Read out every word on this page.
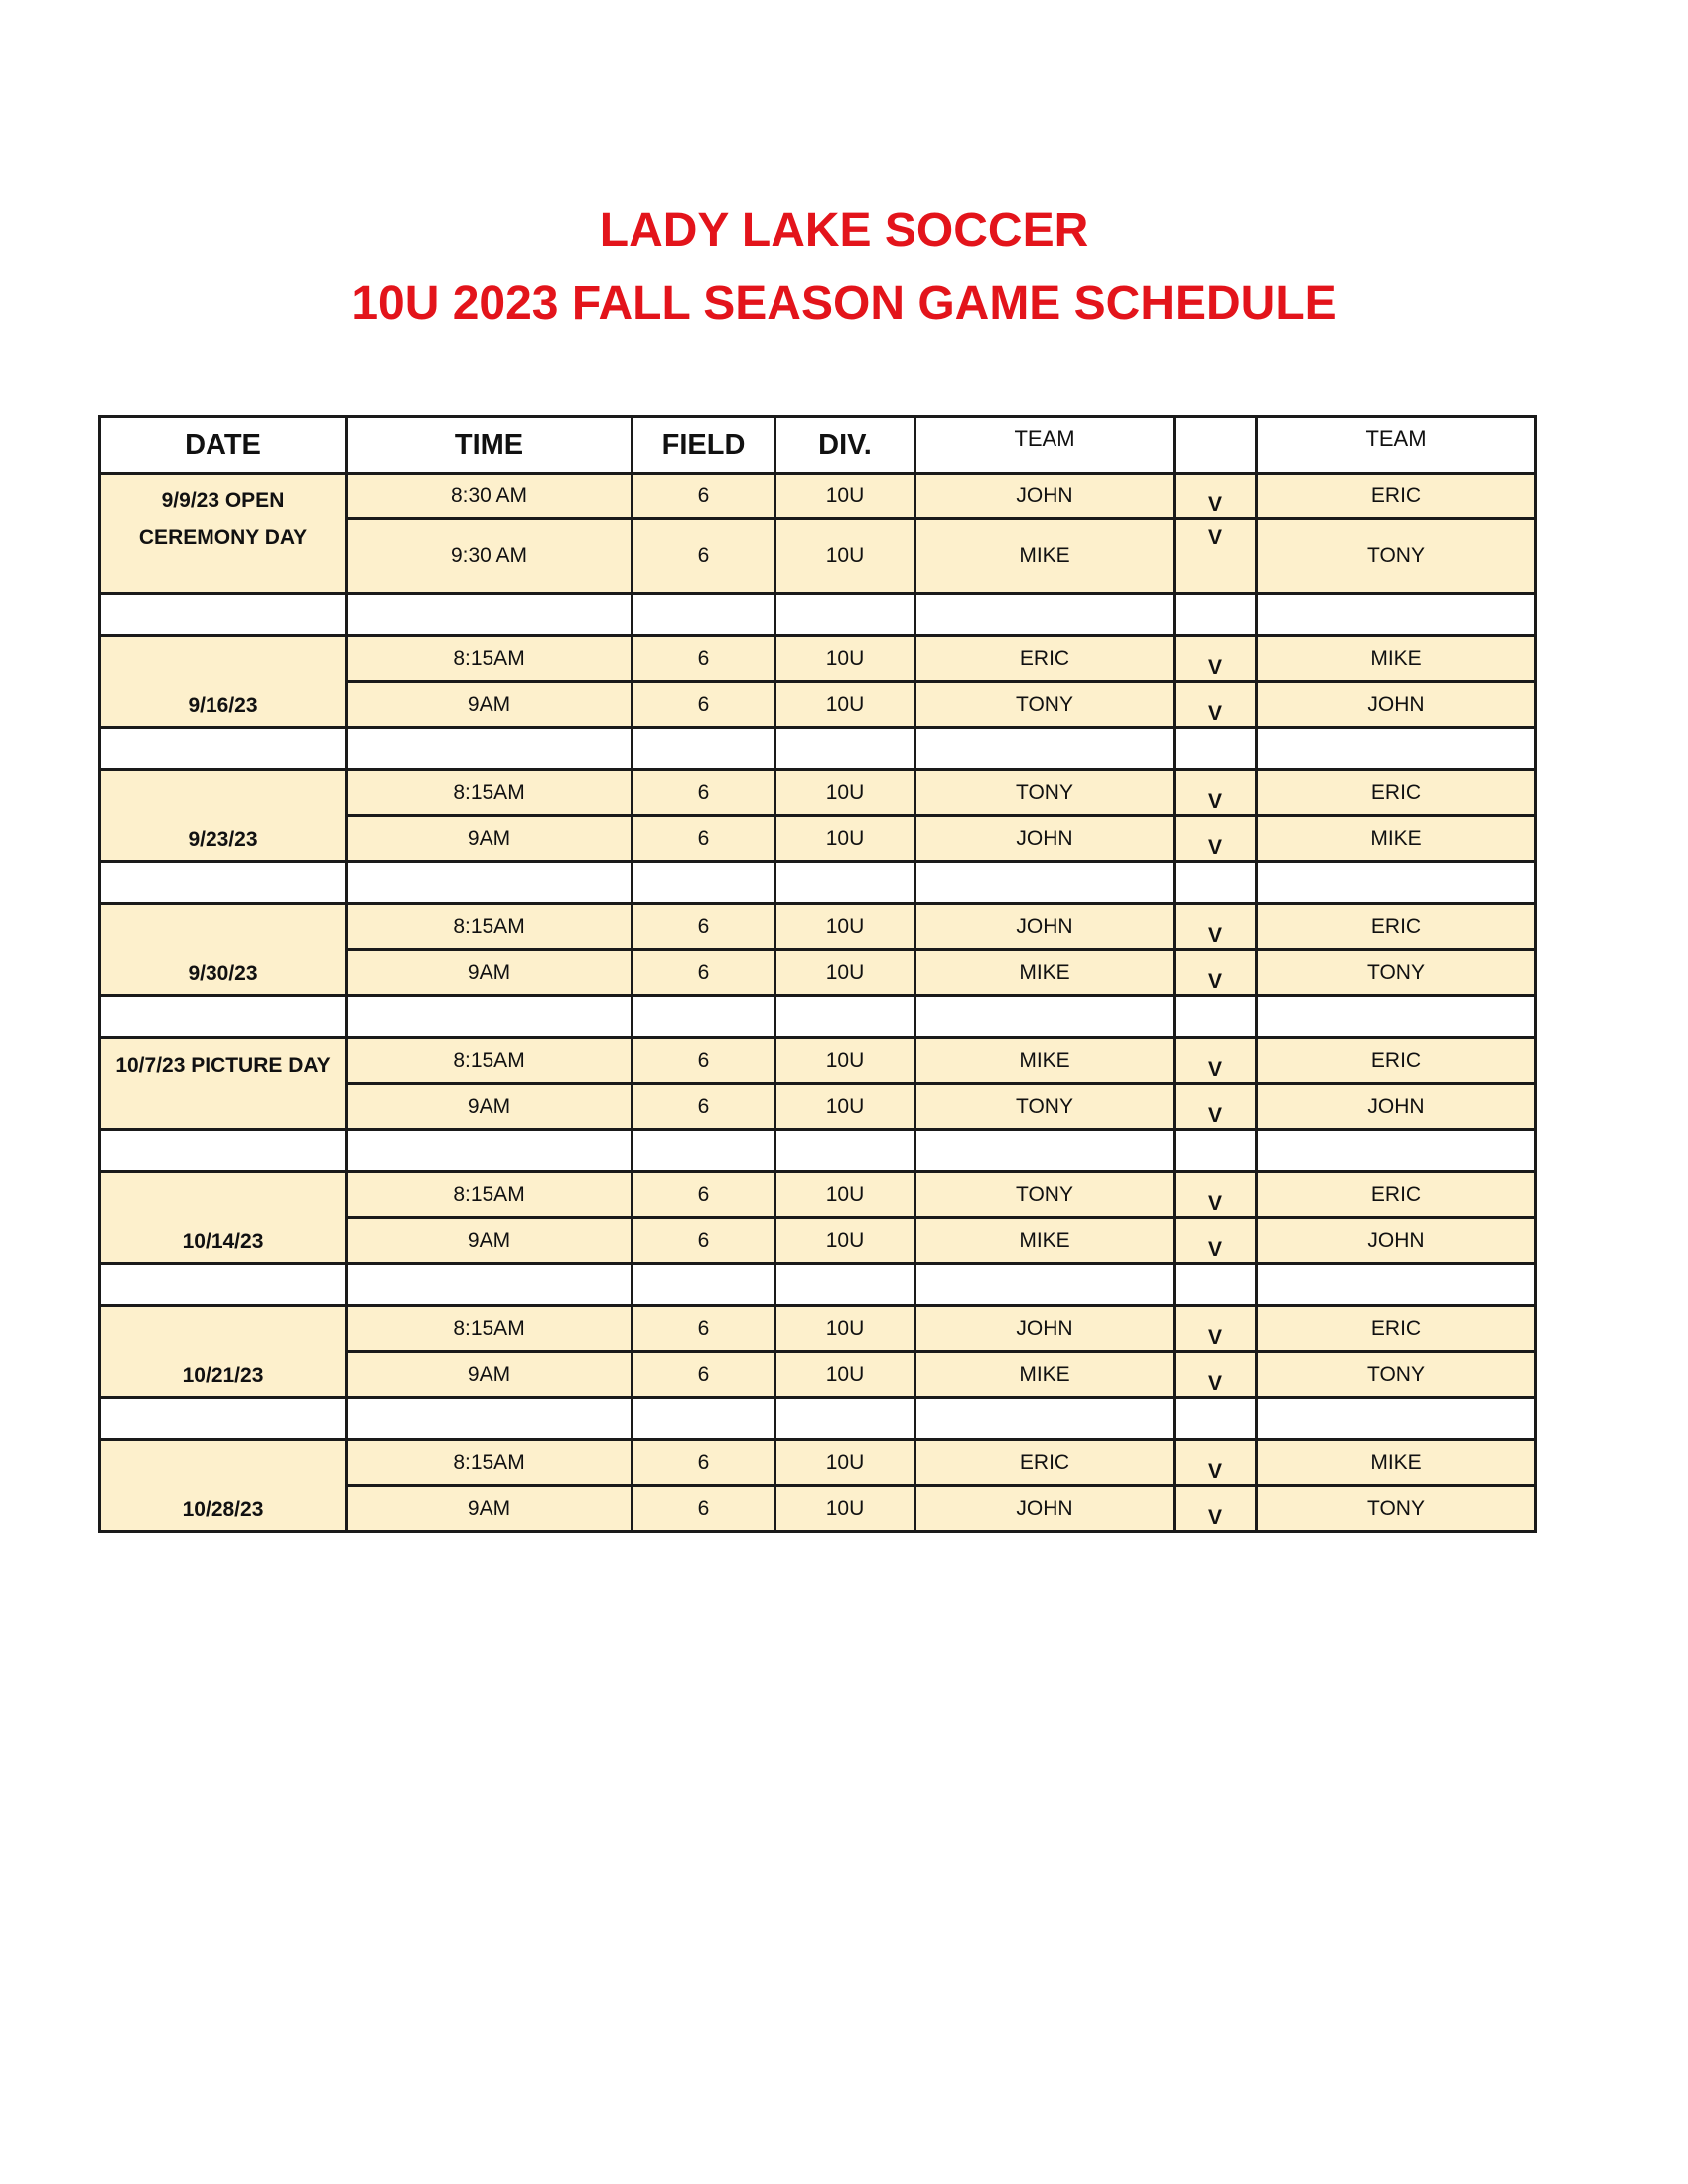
LADY LAKE SOCCER
10U 2023 FALL SEASON GAME SCHEDULE
DATE	TIME	FIELD	DIV.	TEAM		TEAM
9/9/23 OPEN CEREMONY DAY	8:30 AM	6	10U	JOHN	V	ERIC
	9:30 AM	6	10U	MIKE	V	TONY

9/16/23	8:15AM	6	10U	ERIC	V	MIKE
	9AM	6	10U	TONY	V	JOHN

9/23/23	8:15AM	6	10U	TONY	V	ERIC
	9AM	6	10U	JOHN	V	MIKE

9/30/23	8:15AM	6	10U	JOHN	V	ERIC
	9AM	6	10U	MIKE	V	TONY

10/7/23 PICTURE DAY	8:15AM	6	10U	MIKE	V	ERIC
	9AM	6	10U	TONY	V	JOHN

10/14/23	8:15AM	6	10U	TONY	V	ERIC
	9AM	6	10U	MIKE	V	JOHN

10/21/23	8:15AM	6	10U	JOHN	V	ERIC
	9AM	6	10U	MIKE	V	TONY

10/28/23	8:15AM	6	10U	ERIC	V	MIKE
	9AM	6	10U	JOHN	V	TONY
